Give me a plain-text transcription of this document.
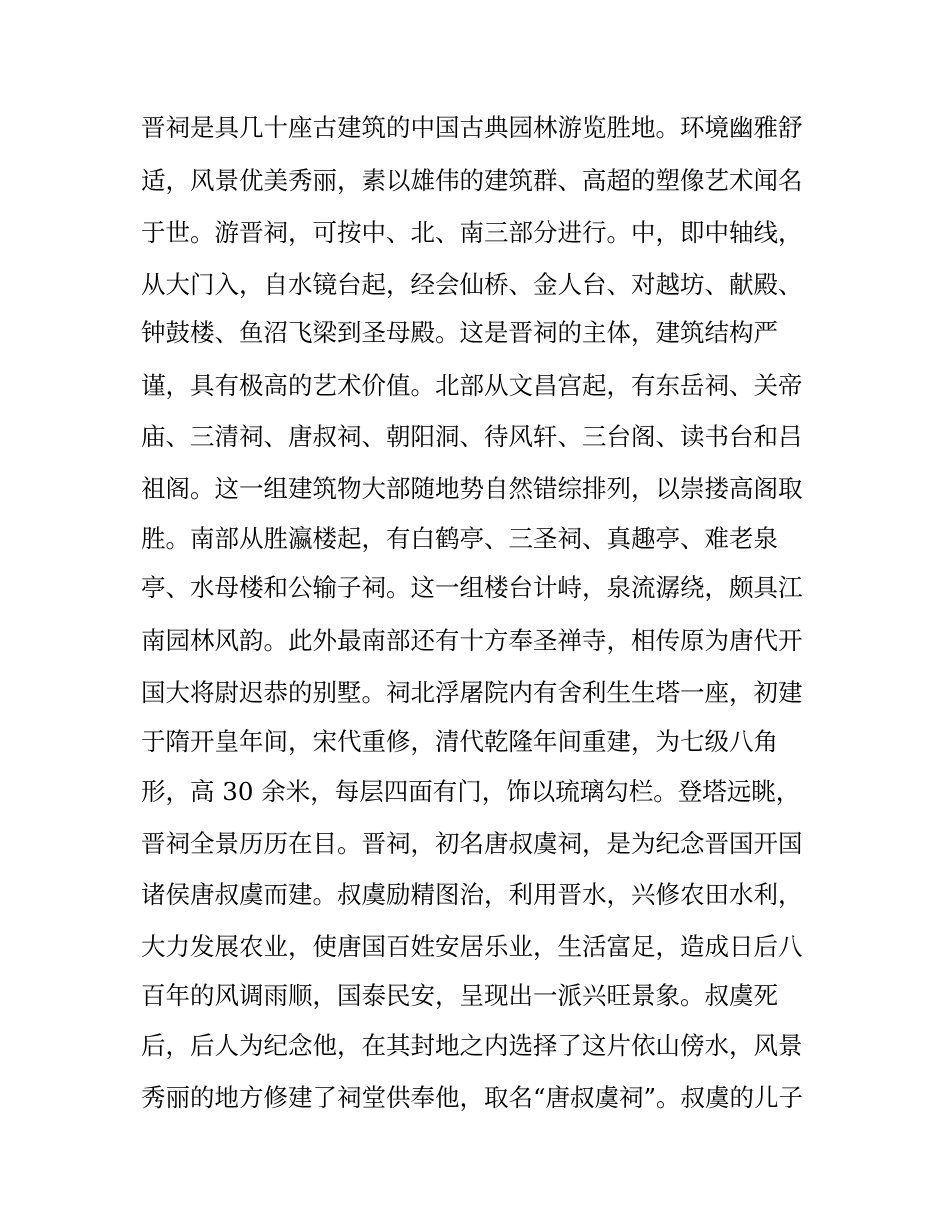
晋祠是具几十座古建筑的中国古典园林游览胜地。环境幽雅舒
适，风景优美秀丽，素以雄伟的建筑群、高超的塑像艺术闻名
于世。游晋祠，可按中、北、南三部分进行。中，即中轴线，
从大门入，自水镜台起，经会仙桥、金人台、对越坊、献殿、
钟鼓楼、鱼沼飞梁到圣母殿。这是晋祠的主体，建筑结构严
谨，具有极高的艺术价值。北部从文昌宫起，有东岳祠、关帝
庙、三清祠、唐叔祠、朝阳洞、待风轩、三台阁、读书台和吕
祖阁。这一组建筑物大部随地势自然错综排列，以崇搂高阁取
胜。南部从胜瀛楼起，有白鹤亭、三圣祠、真趣亭、难老泉
亭、水母楼和公输子祠。这一组楼台计峙，泉流潺绕，颇具江
南园林风韵。此外最南部还有十方奉圣禅寺，相传原为唐代开
国大将尉迟恭的别墅。祠北浮屠院内有舍利生生塔一座，初建
于隋开皇年间，宋代重修，清代乾隆年间重建，为七级八角
形，高 30 余米，每层四面有门，饰以琉璃勾栏。登塔远眺，
晋祠全景历历在目。晋祠，初名唐叔虞祠，是为纪念晋国开国
诸侯唐叔虞而建。叔虞励精图治，利用晋水，兴修农田水利，
大力发展农业，使唐国百姓安居乐业，生活富足，造成日后八
百年的风调雨顺，国泰民安，呈现出一派兴旺景象。叔虞死
后，后人为纪念他，在其封地之内选择了这片依山傍水，风景
秀丽的地方修建了祠堂供奉他，取名“唐叔虞祠”。叔虞的儿子
